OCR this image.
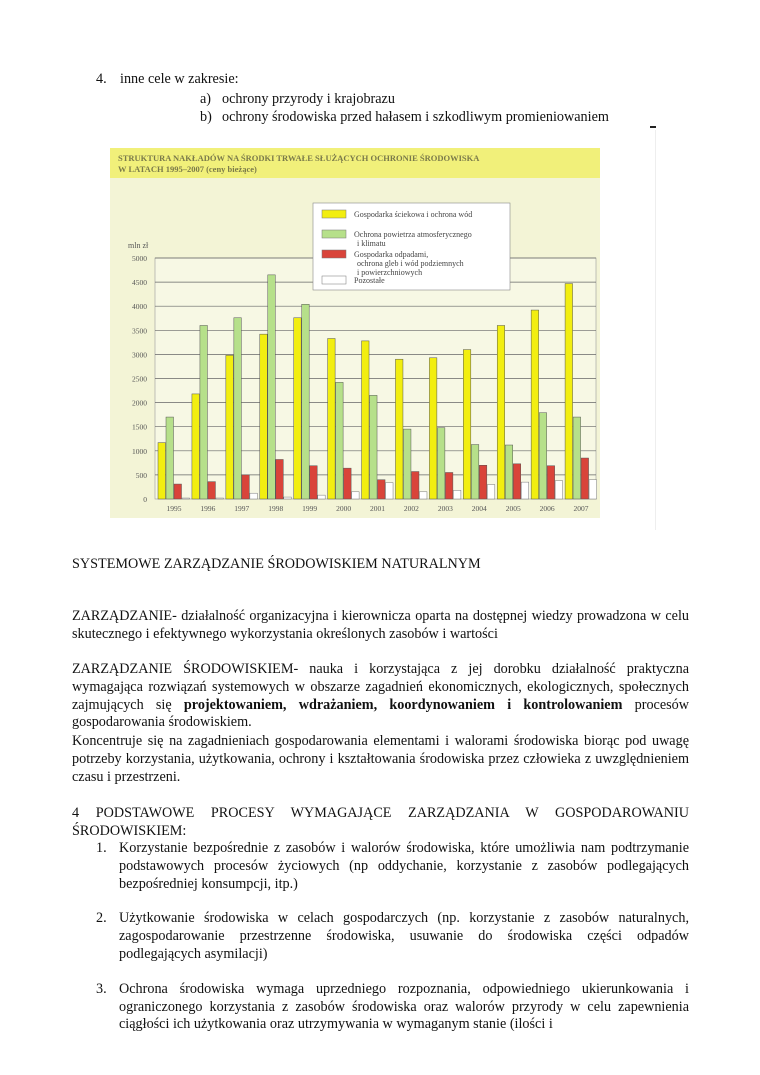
4. inne cele w zakresie:
a) ochrony przyrody i krajobrazu
b) ochrony środowiska przed hałasem i szkodliwym promieniowaniem
STRUKTURA NAKŁADÓW NA ŚRODKI TRWAŁE SŁUŻĄCYCH OCHRONIE ŚRODOWISKA
W LATACH 1995–2007 (ceny bieżące)
mln zł
0
500
1000
1500
2000
2500
3000
3500
4000
4500
5000
1995	1996	1997	1998	1999	2000	2001	2002	2003	2004	2005	2006	2007
Gospodarka ściekowa i ochrona wód
Ochrona powietrza atmosferycznego i klimatu
Gospodarka odpadami, ochrona gleb i wód podziemnych i powierzchniowych
Pozostałe
SYSTEMOWE ZARZĄDZANIE ŚRODOWISKIEM NATURALNYM
ZARZĄDZANIE- działalność organizacyjna i kierownicza oparta na dostępnej wiedzy prowadzona w celu skutecznego i efektywnego wykorzystania określonych zasobów i wartości
ZARZĄDZANIE ŚRODOWISKIEM- nauka i korzystająca z jej dorobku działalność praktyczna wymagająca rozwiązań systemowych w obszarze zagadnień ekonomicznych, ekologicznych, społecznych zajmujących się projektowaniem, wdrażaniem, koordynowaniem i kontrolowaniem procesów gospodarowania środowiskiem.
Koncentruje się na zagadnieniach gospodarowania elementami i walorami środowiska biorąc pod uwagę potrzeby korzystania, użytkowania, ochrony i kształtowania środowiska przez człowieka z uwzględnieniem czasu i przestrzeni.
4 PODSTAWOWE PROCESY WYMAGAJĄCE ZARZĄDZANIA W GOSPODAROWANIU ŚRODOWISKIEM:
1. Korzystanie bezpośrednie z zasobów i walorów środowiska, które umożliwia nam podtrzymanie podstawowych procesów życiowych (np oddychanie, korzystanie z zasobów podlegających bezpośredniej konsumpcji, itp.)
2. Użytkowanie środowiska w celach gospodarczych (np. korzystanie z zasobów naturalnych, zagospodarowanie przestrzenne środowiska, usuwanie do środowiska części odpadów podlegających asymilacji)
3. Ochrona środowiska wymaga uprzedniego rozpoznania, odpowiedniego ukierunkowania i ograniczonego korzystania z zasobów środowiska oraz walorów przyrody w celu zapewnienia ciągłości ich użytkowania oraz utrzymywania w wymaganym stanie (ilości i
